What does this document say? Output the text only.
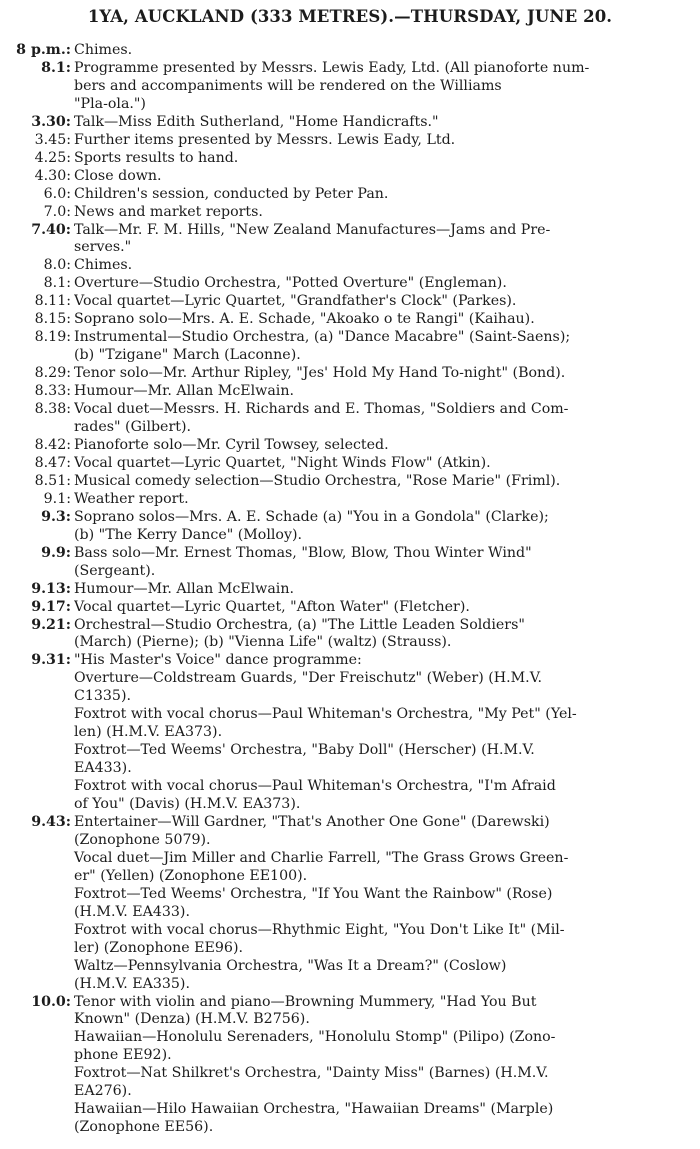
1YA, AUCKLAND (333 METRES).—THURSDAY, JUNE 20.
8 p.m.: Chimes.
8.1: Programme presented by Messrs. Lewis Eady, Ltd. (All pianoforte num-
bers and accompaniments will be rendered on the Williams
"Pla-ola.")
3.30: Talk—Miss Edith Sutherland, "Home Handicrafts."
3.45: Further items presented by Messrs. Lewis Eady, Ltd.
4.25: Sports results to hand.
4.30: Close down.
6.0: Children's session, conducted by Peter Pan.
7.0: News and market reports.
7.40: Talk—Mr. F. M. Hills, "New Zealand Manufactures—Jams and Pre-
serves."
8.0: Chimes.
8.1: Overture—Studio Orchestra, "Potted Overture" (Engleman).
8.11: Vocal quartet—Lyric Quartet, "Grandfather's Clock" (Parkes).
8.15: Soprano solo—Mrs. A. E. Schade, "Akoako o te Rangi" (Kaihau).
8.19: Instrumental—Studio Orchestra, (a) "Dance Macabre" (Saint-Saens);
(b) "Tzigane" March (Laconne).
8.29: Tenor solo—Mr. Arthur Ripley, "Jes' Hold My Hand To-night" (Bond).
8.33: Humour—Mr. Allan McElwain.
8.38: Vocal duet—Messrs. H. Richards and E. Thomas, "Soldiers and Com-
rades" (Gilbert).
8.42: Pianoforte solo—Mr. Cyril Towsey, selected.
8.47: Vocal quartet—Lyric Quartet, "Night Winds Flow" (Atkin).
8.51: Musical comedy selection—Studio Orchestra, "Rose Marie" (Friml).
9.1: Weather report.
9.3: Soprano solos—Mrs. A. E. Schade (a) "You in a Gondola" (Clarke);
(b) "The Kerry Dance" (Molloy).
9.9: Bass solo—Mr. Ernest Thomas, "Blow, Blow, Thou Winter Wind"
(Sergeant).
9.13: Humour—Mr. Allan McElwain.
9.17: Vocal quartet—Lyric Quartet, "Afton Water" (Fletcher).
9.21: Orchestral—Studio Orchestra, (a) "The Little Leaden Soldiers"
(March) (Pierne); (b) "Vienna Life" (waltz) (Strauss).
9.31: "His Master's Voice" dance programme:
Overture—Coldstream Guards, "Der Freischutz" (Weber) (H.M.V.
C1335).
Foxtrot with vocal chorus—Paul Whiteman's Orchestra, "My Pet" (Yel-
len) (H.M.V. EA373).
Foxtrot—Ted Weems' Orchestra, "Baby Doll" (Herscher) (H.M.V.
EA433).
Foxtrot with vocal chorus—Paul Whiteman's Orchestra, "I'm Afraid
of You" (Davis) (H.M.V. EA373).
9.43: Entertainer—Will Gardner, "That's Another One Gone" (Darewski)
(Zonophone 5079).
Vocal duet—Jim Miller and Charlie Farrell, "The Grass Grows Green-
er" (Yellen) (Zonophone EE100).
Foxtrot—Ted Weems' Orchestra, "If You Want the Rainbow" (Rose)
(H.M.V. EA433).
Foxtrot with vocal chorus—Rhythmic Eight, "You Don't Like It" (Mil-
ler) (Zonophone EE96).
Waltz—Pennsylvania Orchestra, "Was It a Dream?" (Coslow)
(H.M.V. EA335).
10.0: Tenor with violin and piano—Browning Mummery, "Had You But
Known" (Denza) (H.M.V. B2756).
Hawaiian—Honolulu Serenaders, "Honolulu Stomp" (Pilipo) (Zono-
phone EE92).
Foxtrot—Nat Shilkret's Orchestra, "Dainty Miss" (Barnes) (H.M.V.
EA276).
Hawaiian—Hilo Hawaiian Orchestra, "Hawaiian Dreams" (Marple)
(Zonophone EE56).
